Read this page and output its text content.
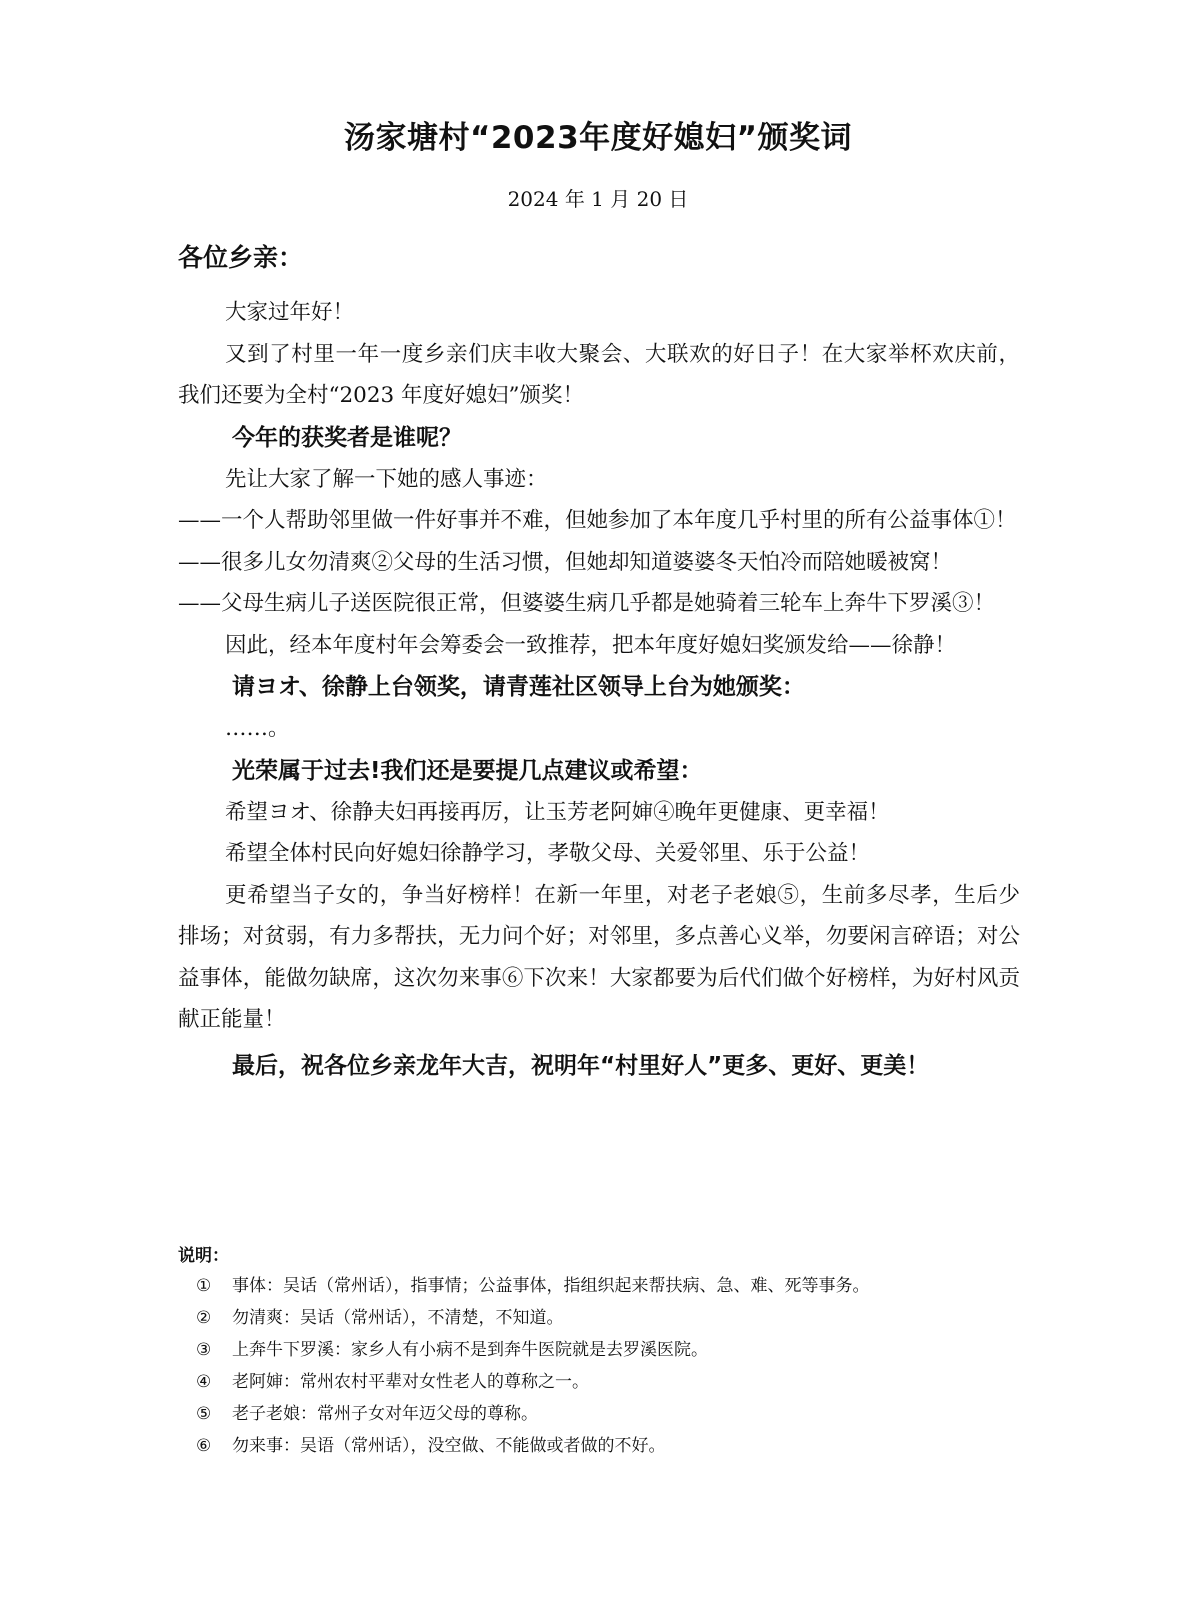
汤家塘村“2023年度好媳妇”颁奖词
2024 年 1 月 20 日
各位乡亲：

大家过年好！

又到了村里一年一度乡亲们庆丰收大聚会、大联欢的好日子！在大家举杯欢庆前，我们还要为全村“2023 年度好媳妇”颁奖！

今年的获奖者是谁呢？

先让大家了解一下她的感人事迹：

——一个人帮助邻里做一件好事并不难，但她参加了本年度几乎村里的所有公益事体①！

——很多儿女勿清爽②父母的生活习惯，但她却知道婆婆冬天怕冷而陪她暖被窝！

——父母生病儿子送医院很正常，但婆婆生病几乎都是她骑着三轮车上奔牛下罗溪③！

因此，经本年度村年会筹委会一致推荐，把本年度好媳妇奖颁发给——徐静！

请ヨオ、徐静上台领奖，请青莲社区领导上台为她颁奖：

……。

光荣属于过去!我们还是要提几点建议或希望：

希望ヨオ、徐静夫妇再接再厉，让玉芳老阿婶④晚年更健康、更幸福！

希望全体村民向好媳妇徐静学习，孝敬父母、关爱邻里、乐于公益！

更希望当子女的，争当好榜样！在新一年里，对老子老娘⑤，生前多尽孝，生后少排场；对贫弱，有力多帮扶，无力问个好；对邻里，多点善心义举，勿要闲言碎语；对公益事体，能做勿缺席，这次勿来事⑥下次来！大家都要为后代们做个好榜样，为好村风贡献正能量！

最后，祝各位乡亲龙年大吉，祝明年“村里好人”更多、更好、更美！

说明：
① 事体：吴话（常州话），指事情；公益事体，指组织起来帮扶病、急、难、死等事务。
② 勿清爽：吴话（常州话），不清楚，不知道。
③ 上奔牛下罗溪：家乡人有小病不是到奔牛医院就是去罗溪医院。
④ 老阿婶：常州农村平辈对女性老人的尊称之一。
⑤ 老子老娘：常州子女对年迈父母的尊称。
⑥ 勿来事：吴语（常州话），没空做、不能做或者做的不好。
